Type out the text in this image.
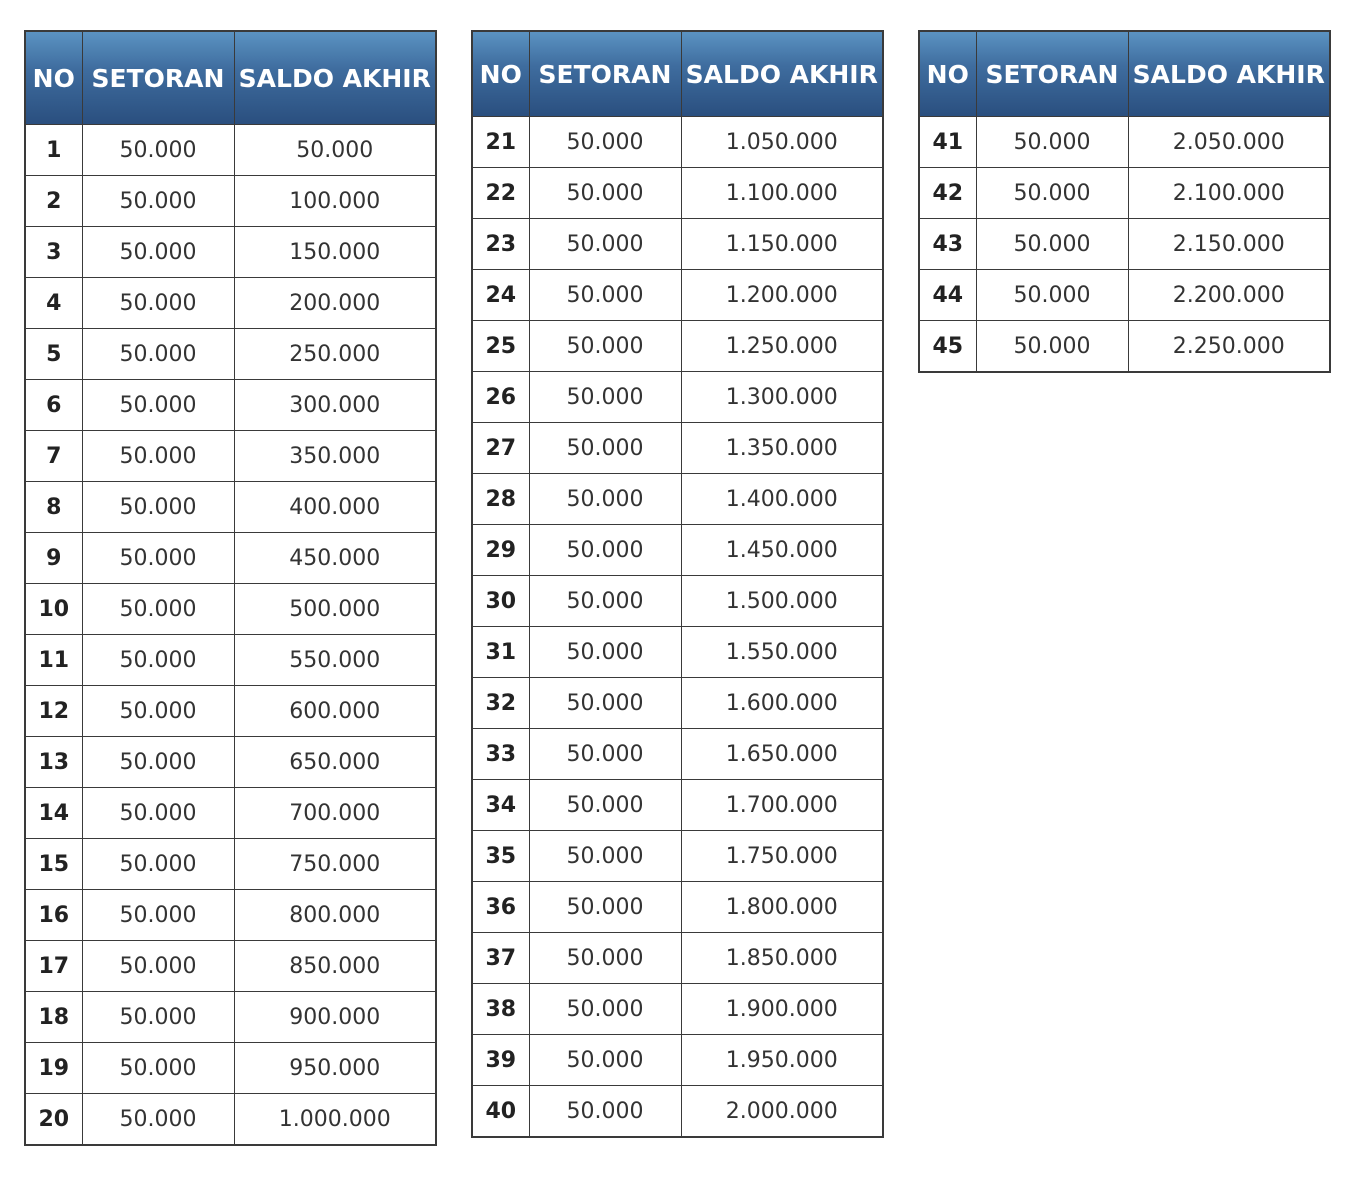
NO	SETORAN	SALDO AKHIR
1	50.000	50.000
2	50.000	100.000
3	50.000	150.000
4	50.000	200.000
5	50.000	250.000
6	50.000	300.000
7	50.000	350.000
8	50.000	400.000
9	50.000	450.000
10	50.000	500.000
11	50.000	550.000
12	50.000	600.000
13	50.000	650.000
14	50.000	700.000
15	50.000	750.000
16	50.000	800.000
17	50.000	850.000
18	50.000	900.000
19	50.000	950.000
20	50.000	1.000.000
NO	SETORAN	SALDO AKHIR
21	50.000	1.050.000
22	50.000	1.100.000
23	50.000	1.150.000
24	50.000	1.200.000
25	50.000	1.250.000
26	50.000	1.300.000
27	50.000	1.350.000
28	50.000	1.400.000
29	50.000	1.450.000
30	50.000	1.500.000
31	50.000	1.550.000
32	50.000	1.600.000
33	50.000	1.650.000
34	50.000	1.700.000
35	50.000	1.750.000
36	50.000	1.800.000
37	50.000	1.850.000
38	50.000	1.900.000
39	50.000	1.950.000
40	50.000	2.000.000
NO	SETORAN	SALDO AKHIR
41	50.000	2.050.000
42	50.000	2.100.000
43	50.000	2.150.000
44	50.000	2.200.000
45	50.000	2.250.000
